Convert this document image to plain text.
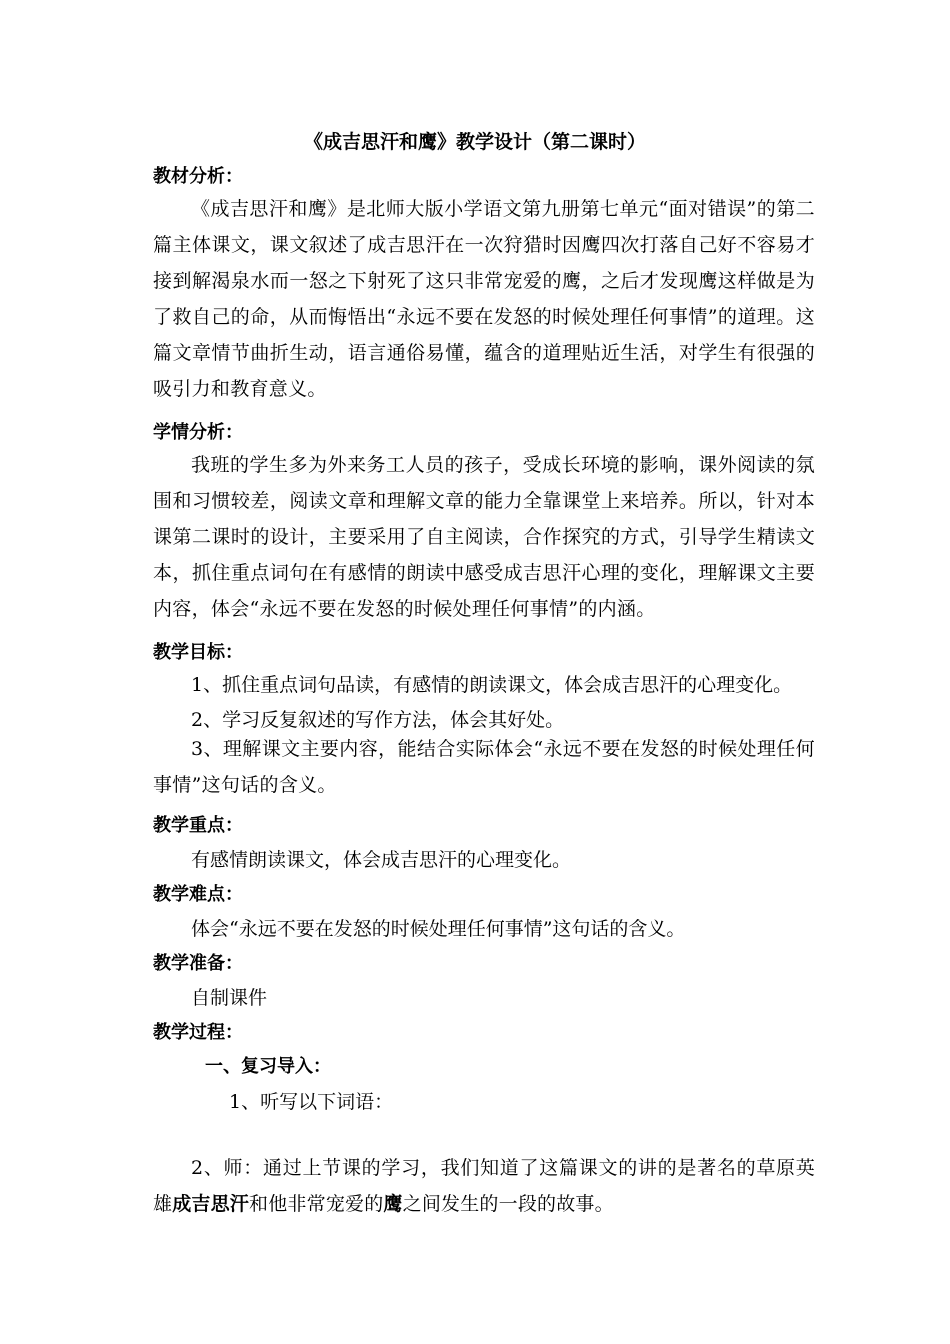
《成吉思汗和鹰》教学设计（第二课时）
教材分析：
《成吉思汗和鹰》是北师大版小学语文第九册第七单元“面对错误”的第二篇主体课文，课文叙述了成吉思汗在一次狩猎时因鹰四次打落自己好不容易才接到解渴泉水而一怒之下射死了这只非常宠爱的鹰，之后才发现鹰这样做是为了救自己的命，从而悔悟出“永远不要在发怒的时候处理任何事情”的道理。这篇文章情节曲折生动，语言通俗易懂，蕴含的道理贴近生活，对学生有很强的吸引力和教育意义。
学情分析：
我班的学生多为外来务工人员的孩子，受成长环境的影响，课外阅读的氛围和习惯较差，阅读文章和理解文章的能力全靠课堂上来培养。所以，针对本课第二课时的设计，主要采用了自主阅读，合作探究的方式，引导学生精读文本，抓住重点词句在有感情的朗读中感受成吉思汗心理的变化，理解课文主要内容，体会“永远不要在发怒的时候处理任何事情”的内涵。
教学目标：
1、抓住重点词句品读，有感情的朗读课文，体会成吉思汗的心理变化。
2、学习反复叙述的写作方法，体会其好处。
3、理解课文主要内容，能结合实际体会“永远不要在发怒的时候处理任何事情”这句话的含义。
教学重点：
有感情朗读课文，体会成吉思汗的心理变化。
教学难点：
体会“永远不要在发怒的时候处理任何事情”这句话的含义。
教学准备：
自制课件
教学过程：
一、复习导入：
1、听写以下词语：
2、师：通过上节课的学习，我们知道了这篇课文的讲的是著名的草原英雄成吉思汗和他非常宠爱的鹰之间发生的一段的故事。
